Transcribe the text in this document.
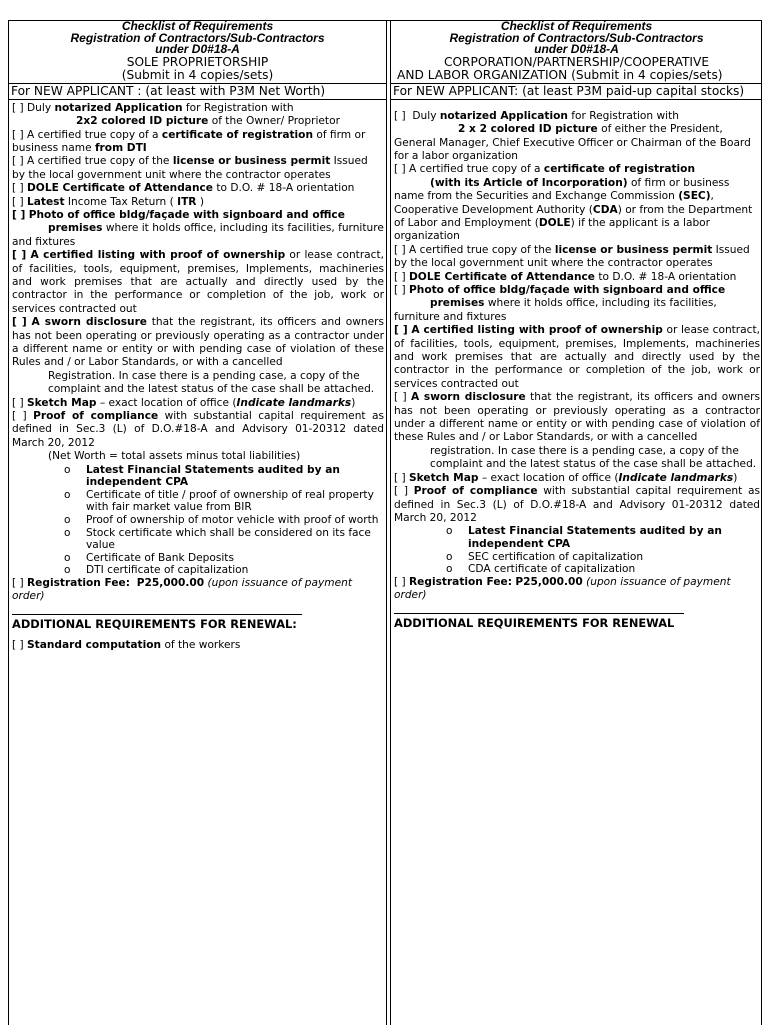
Checklist of Requirements
Registration of Contractors/Sub-Contractors
under D0#18-A
SOLE PROPRIETORSHIP
(Submit in 4 copies/sets)
For NEW APPLICANT : (at least with P3M Net Worth)

[ ] Duly notarized Application for Registration with
2x2 colored ID picture of the Owner/ Proprietor

[ ] A certified true copy of a certificate of registration of firm or business name from DTI

[ ] A certified true copy of the license or business permit Issued by the local government unit where the contractor operates

[ ] DOLE Certificate of Attendance to D.O. # 18-A orientation

[ ] Latest Income Tax Return ( ITR )

[ ] Photo of office bldg/façade with signboard and office
premises where it holds office, including its facilities, furniture and fixtures

[ ] A certified listing with proof of ownership or lease contract, of facilities, tools, equipment, premises, Implements, machineries and work premises that are actually and directly used by the contractor in the performance or completion of the job, work or services contracted out

[ ] A sworn disclosure that the registrant, its officers and owners has not been operating or previously operating as a contractor under a different name or entity or with pending case of violation of these Rules and / or Labor Standards, or with a cancelled

Registration. In case there is a pending case, a copy of the complaint and the latest status of the case shall be attached.

[ ] Sketch Map – exact location of office (Indicate landmarks)

[ ] Proof of compliance with substantial capital requirement as defined in Sec.3 (L) of D.O.#18-A and Advisory 01-20312 dated March 20, 2012

(Net Worth = total assets minus total liabilities)

o Latest Financial Statements audited by an independent CPA
o Certificate of title / proof of ownership of real property with fair market value from BIR
o Proof of ownership of motor vehicle with proof of worth
o Stock certificate which shall be considered on its face value
o Certificate of Bank Deposits
o DTI certificate of capitalization

[ ] Registration Fee: P25,000.00 (upon issuance of payment order)

ADDITIONAL REQUIREMENTS FOR RENEWAL:

[ ] Standard computation of the workers

Checklist of Requirements
Registration of Contractors/Sub-Contractors
under D0#18-A
CORPORATION/PARTNERSHIP/COOPERATIVE
AND LABOR ORGANIZATION (Submit in 4 copies/sets)
For NEW APPLICANT: (at least P3M paid-up capital stocks)

[ ] Duly notarized Application for Registration with
2 x 2 colored ID picture of either the President, General Manager, Chief Executive Officer or Chairman of the Board for a labor organization

[ ] A certified true copy of a certificate of registration
(with its Article of Incorporation) of firm or business name from the Securities and Exchange Commission (SEC), Cooperative Development Authority (CDA) or from the Department of Labor and Employment (DOLE) if the applicant is a labor organization

[ ] A certified true copy of the license or business permit Issued by the local government unit where the contractor operates

[ ] DOLE Certificate of Attendance to D.O. # 18-A orientation

[ ] Photo of office bldg/façade with signboard and office
premises where it holds office, including its facilities, furniture and fixtures

[ ] A certified listing with proof of ownership or lease contract, of facilities, tools, equipment, premises, Implements, machineries and work premises that are actually and directly used by the contractor in the performance or completion of the job, work or services contracted out

[ ] A sworn disclosure that the registrant, its officers and owners has not been operating or previously operating as a contractor under a different name or entity or with pending case of violation of these Rules and / or Labor Standards, or with a cancelled

registration. In case there is a pending case, a copy of the complaint and the latest status of the case shall be attached.

[ ] Sketch Map – exact location of office (Indicate landmarks)

[ ] Proof of compliance with substantial capital requirement as defined in Sec.3 (L) of D.O.#18-A and Advisory 01-20312 dated March 20, 2012

o Latest Financial Statements audited by an independent CPA
o SEC certification of capitalization
o CDA certificate of capitalization

[ ] Registration Fee: P25,000.00 (upon issuance of payment order)

ADDITIONAL REQUIREMENTS FOR RENEWAL
